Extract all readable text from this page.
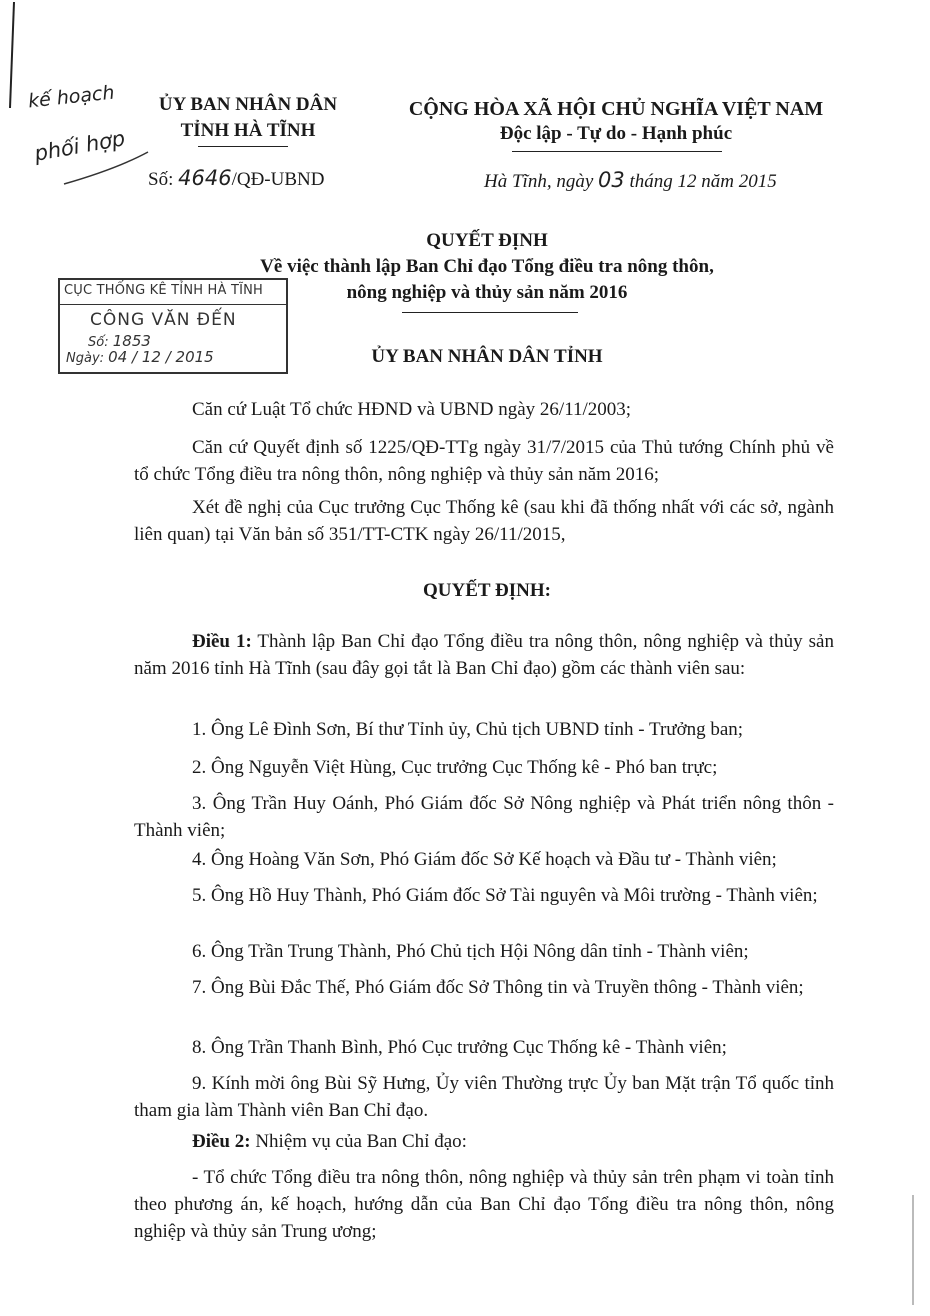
kế hoạch
phối hợp
ỦY BAN NHÂN DÂN
TỈNH HÀ TĨNH
Số: 4646/QĐ-UBND
CỘNG HÒA XÃ HỘI CHỦ NGHĨA VIỆT NAM
Độc lập - Tự do - Hạnh phúc
Hà Tĩnh, ngày 03 tháng 12 năm 2015
QUYẾT ĐỊNH
Về việc thành lập Ban Chỉ đạo Tổng điều tra nông thôn,
nông nghiệp và thủy sản năm 2016
ỦY BAN NHÂN DÂN TỈNH
CỤC THỐNG KÊ TỈNH HÀ TĨNH
CÔNG VĂN ĐẾN
Số: 1853
Ngày: 04 / 12 / 2015
Căn cứ Luật Tổ chức HĐND và UBND ngày 26/11/2003;
Căn cứ Quyết định số 1225/QĐ-TTg ngày 31/7/2015 của Thủ tướng Chính phủ về tổ chức Tổng điều tra nông thôn, nông nghiệp và thủy sản năm 2016;
Xét đề nghị của Cục trưởng Cục Thống kê (sau khi đã thống nhất với các sở, ngành liên quan) tại Văn bản số 351/TT-CTK ngày 26/11/2015,
QUYẾT ĐỊNH:
Điều 1: Thành lập Ban Chỉ đạo Tổng điều tra nông thôn, nông nghiệp và thủy sản năm 2016 tỉnh Hà Tĩnh (sau đây gọi tắt là Ban Chỉ đạo) gồm các thành viên sau:
1. Ông Lê Đình Sơn, Bí thư Tỉnh ủy, Chủ tịch UBND tỉnh - Trưởng ban;
2. Ông Nguyễn Việt Hùng, Cục trưởng Cục Thống kê - Phó ban trực;
3. Ông Trần Huy Oánh, Phó Giám đốc Sở Nông nghiệp và Phát triển nông thôn - Thành viên;
4. Ông Hoàng Văn Sơn, Phó Giám đốc Sở Kế hoạch và Đầu tư - Thành viên;
5. Ông Hồ Huy Thành, Phó Giám đốc Sở Tài nguyên và Môi trường - Thành viên;
6. Ông Trần Trung Thành, Phó Chủ tịch Hội Nông dân tỉnh - Thành viên;
7. Ông Bùi Đắc Thế, Phó Giám đốc Sở Thông tin và Truyền thông - Thành viên;
8. Ông Trần Thanh Bình, Phó Cục trưởng Cục Thống kê - Thành viên;
9. Kính mời ông Bùi Sỹ Hưng, Ủy viên Thường trực Ủy ban Mặt trận Tổ quốc tỉnh tham gia làm Thành viên Ban Chỉ đạo.
Điều 2: Nhiệm vụ của Ban Chỉ đạo:
- Tổ chức Tổng điều tra nông thôn, nông nghiệp và thủy sản trên phạm vi toàn tỉnh theo phương án, kế hoạch, hướng dẫn của Ban Chỉ đạo Tổng điều tra nông thôn, nông nghiệp và thủy sản Trung ương;
